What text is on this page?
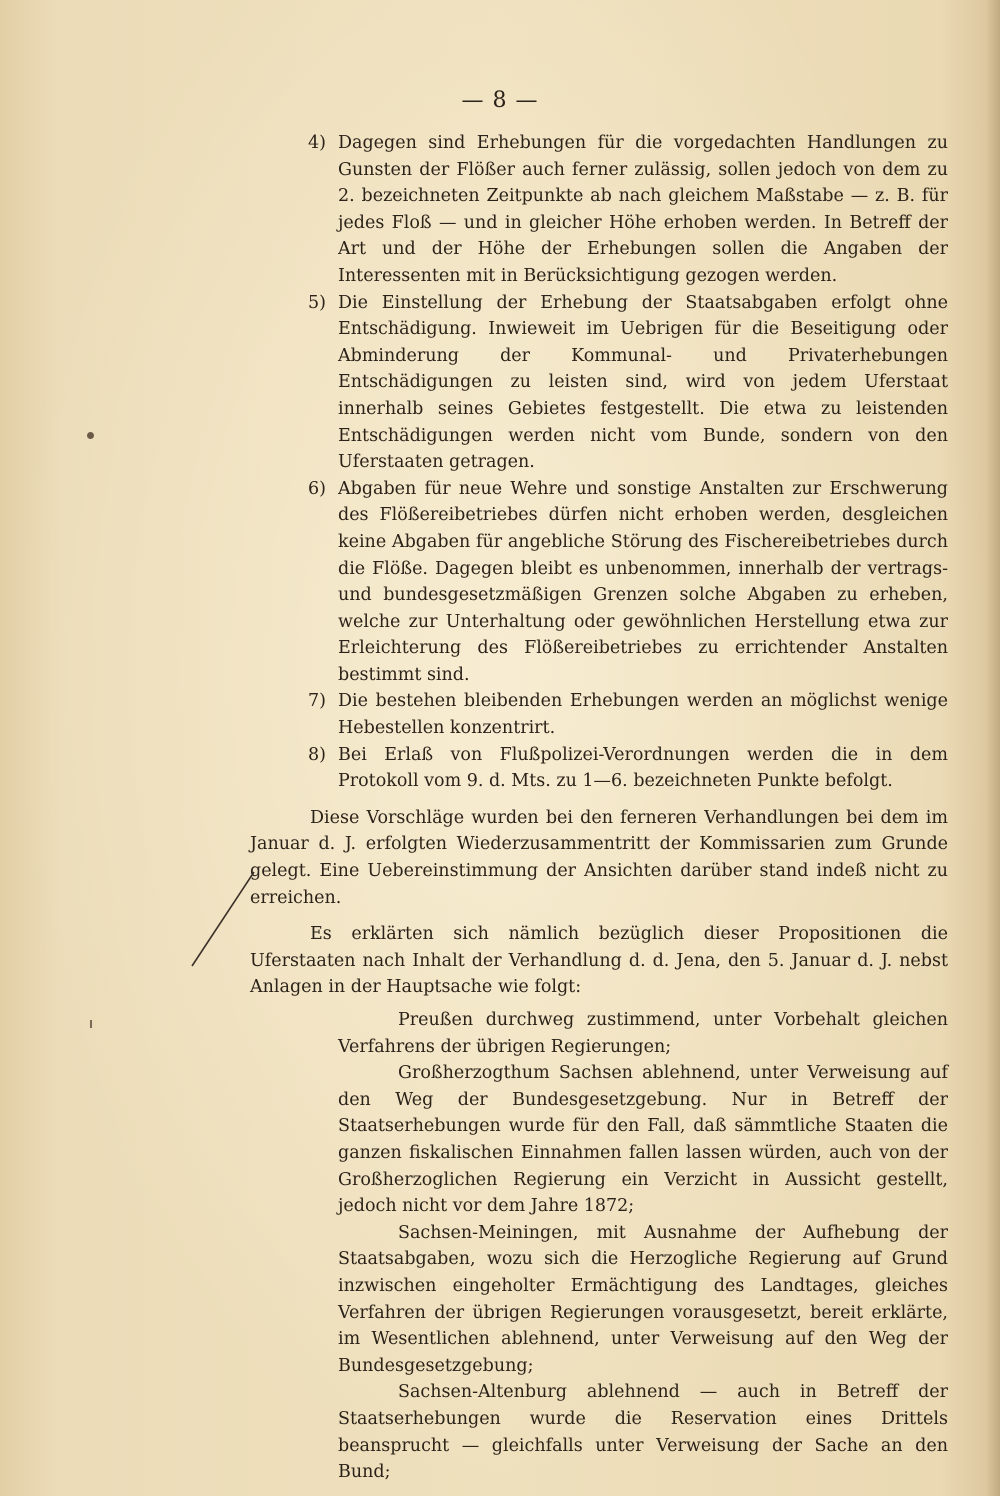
— 8 —

4) Dagegen sind Erhebungen für die vorgedachten Handlungen zu Gunsten der Flößer auch ferner zulässig, sollen jedoch von dem zu 2. bezeichneten Zeitpunkte ab nach gleichem Maßstabe — z. B. für jedes Floß — und in gleicher Höhe erhoben werden. In Betreff der Art und der Höhe der Erhebungen sollen die Angaben der Interessenten mit in Berücksichtigung gezogen werden.

5) Die Einstellung der Erhebung der Staatsabgaben erfolgt ohne Entschädigung. Inwieweit im Uebrigen für die Beseitigung oder Abminderung der Kommunal- und Privaterhebungen Entschädigungen zu leisten sind, wird von jedem Uferstaat innerhalb seines Gebietes festgestellt. Die etwa zu leistenden Entschädigungen werden nicht vom Bunde, sondern von den Uferstaaten getragen.

6) Abgaben für neue Wehre und sonstige Anstalten zur Erschwerung des Flößereibetriebes dürfen nicht erhoben werden, desgleichen keine Abgaben für angebliche Störung des Fischereibetriebes durch die Flöße. Dagegen bleibt es unbenommen, innerhalb der vertrags- und bundesgesetzmäßigen Grenzen solche Abgaben zu erheben, welche zur Unterhaltung oder gewöhnlichen Herstellung etwa zur Erleichterung des Flößereibetriebes zu errichtender Anstalten bestimmt sind.

7) Die bestehen bleibenden Erhebungen werden an möglichst wenige Hebestellen konzentrirt.

8) Bei Erlaß von Flußpolizei-Verordnungen werden die in dem Protokoll vom 9. d. Mts. zu 1—6. bezeichneten Punkte befolgt.

Diese Vorschläge wurden bei den ferneren Verhandlungen bei dem im Januar d. J. erfolgten Wiederzusammentritt der Kommissarien zum Grunde gelegt. Eine Uebereinstimmung der Ansichten darüber stand indeß nicht zu erreichen.

Es erklärten sich nämlich bezüglich dieser Propositionen die Uferstaaten nach Inhalt der Verhandlung d. d. Jena, den 5. Januar d. J. nebst Anlagen in der Hauptsache wie folgt:

Preußen durchweg zustimmend, unter Vorbehalt gleichen Verfahrens der übrigen Regierungen;

Großherzogthum Sachsen ablehnend, unter Verweisung auf den Weg der Bundesgesetzgebung. Nur in Betreff der Staatserhebungen wurde für den Fall, daß sämmtliche Staaten die ganzen fiskalischen Einnahmen fallen lassen würden, auch von der Großherzoglichen Regierung ein Verzicht in Aussicht gestellt, jedoch nicht vor dem Jahre 1872;

Sachsen-Meiningen, mit Ausnahme der Aufhebung der Staatsabgaben, wozu sich die Herzogliche Regierung auf Grund inzwischen eingeholter Ermächtigung des Landtages, gleiches Verfahren der übrigen Regierungen vorausgesetzt, bereit erklärte, im Wesentlichen ablehnend, unter Verweisung auf den Weg der Bundesgesetzgebung;

Sachsen-Altenburg ablehnend — auch in Betreff der Staatserhebungen wurde die Reservation eines Drittels beansprucht — gleichfalls unter Verweisung der Sache an den Bund;
